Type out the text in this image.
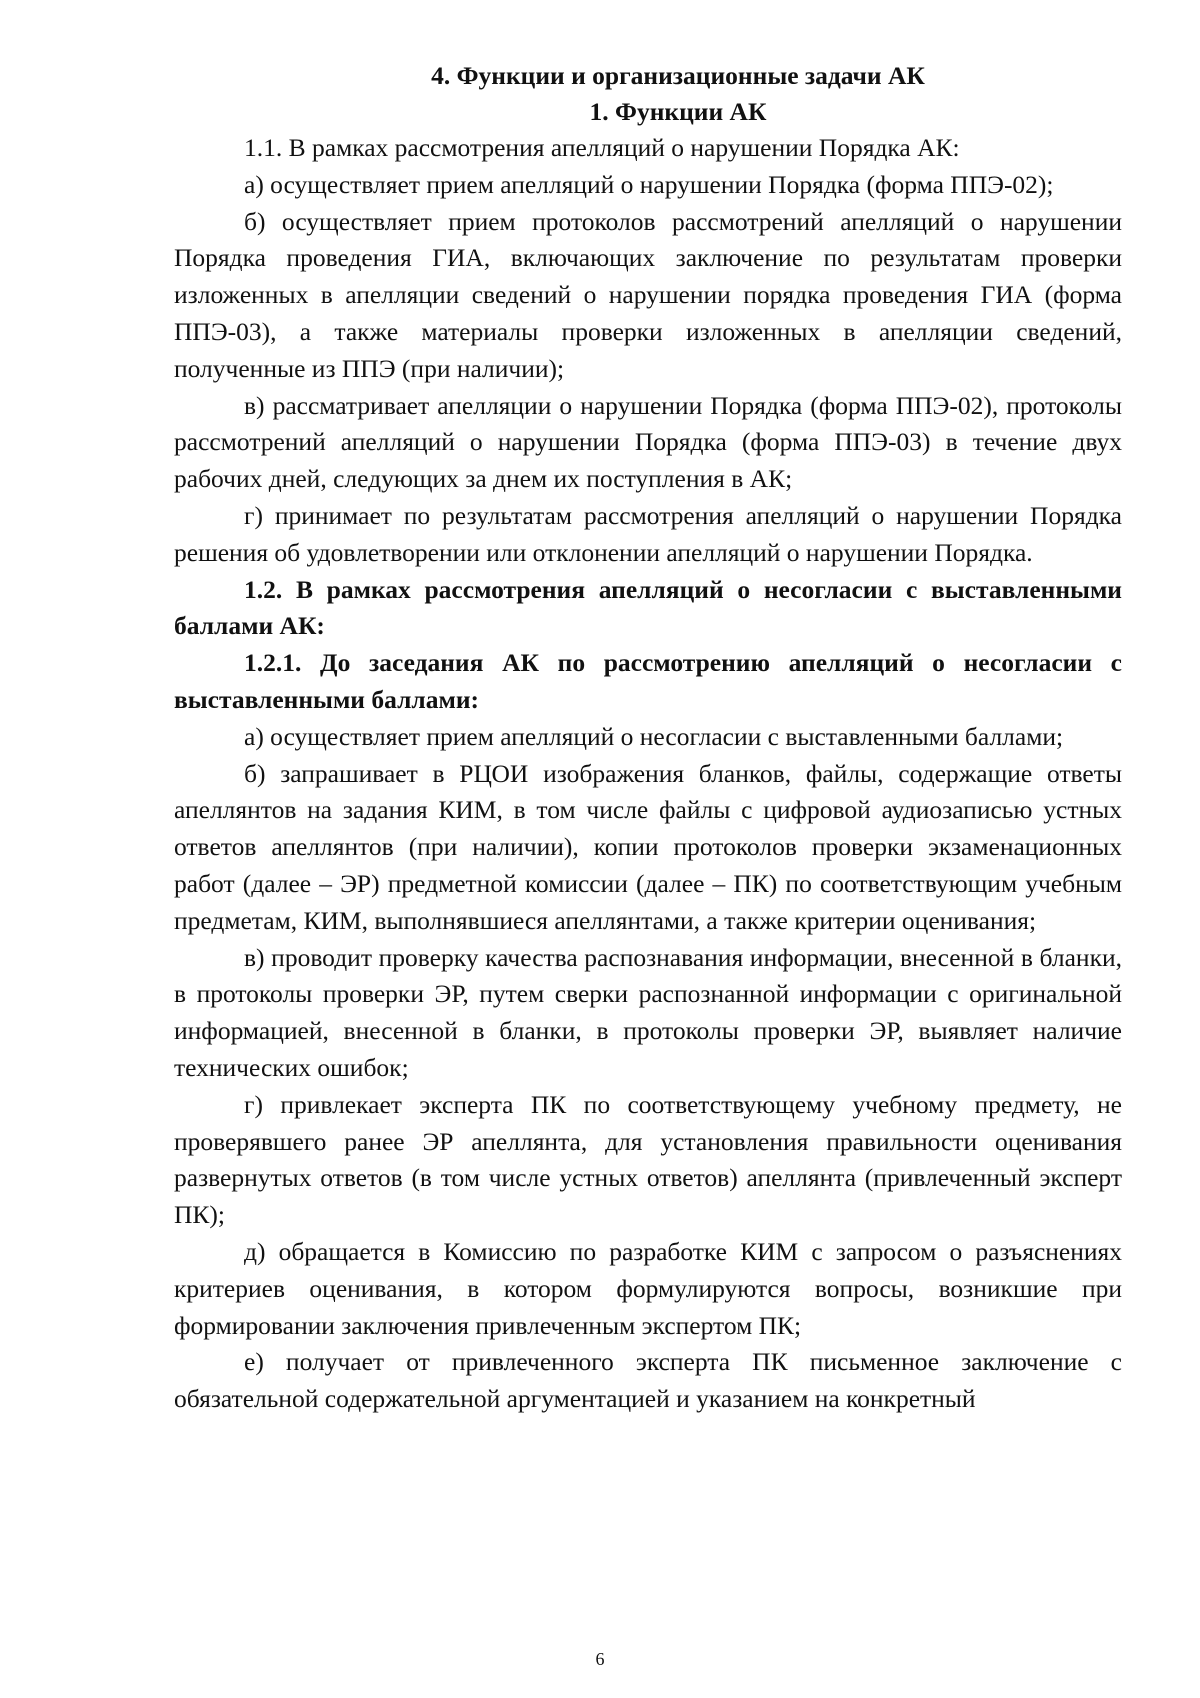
4. Функции и организационные задачи АК

1. Функции АК

1.1. В рамках рассмотрения апелляций о нарушении Порядка АК:

а) осуществляет прием апелляций о нарушении Порядка (форма ППЭ-02);

б) осуществляет прием протоколов рассмотрений апелляций о нарушении Порядка проведения ГИА, включающих заключение по результатам проверки изложенных в апелляции сведений о нарушении порядка проведения ГИА (форма ППЭ-03), а также материалы проверки изложенных в апелляции сведений, полученные из ППЭ (при наличии);

в) рассматривает апелляции о нарушении Порядка (форма ППЭ-02), протоколы рассмотрений апелляций о нарушении Порядка (форма ППЭ-03) в течение двух рабочих дней, следующих за днем их поступления в АК;

г) принимает по результатам рассмотрения апелляций о нарушении Порядка решения об удовлетворении или отклонении апелляций о нарушении Порядка.

1.2. В рамках рассмотрения апелляций о несогласии с выставленными баллами АК:

1.2.1. До заседания АК по рассмотрению апелляций о несогласии с выставленными баллами:

а) осуществляет прием апелляций о несогласии с выставленными баллами;

б) запрашивает в РЦОИ изображения бланков, файлы, содержащие ответы апеллянтов на задания КИМ, в том числе файлы с цифровой аудиозаписью устных ответов апеллянтов (при наличии), копии протоколов проверки экзаменационных работ (далее – ЭР) предметной комиссии (далее – ПК) по соответствующим учебным предметам, КИМ, выполнявшиеся апеллянтами, а также критерии оценивания;

в) проводит проверку качества распознавания информации, внесенной в бланки, в протоколы проверки ЭР, путем сверки распознанной информации с оригинальной информацией, внесенной в бланки, в протоколы проверки ЭР, выявляет наличие технических ошибок;

г) привлекает эксперта ПК по соответствующему учебному предмету, не проверявшего ранее ЭР апеллянта, для установления правильности оценивания развернутых ответов (в том числе устных ответов) апеллянта (привлеченный эксперт ПК);

д) обращается в Комиссию по разработке КИМ с запросом о разъяснениях критериев оценивания, в котором формулируются вопросы, возникшие при формировании заключения привлеченным экспертом ПК;

е) получает от привлеченного эксперта ПК письменное заключение с обязательной содержательной аргументацией и указанием на конкретный

6
